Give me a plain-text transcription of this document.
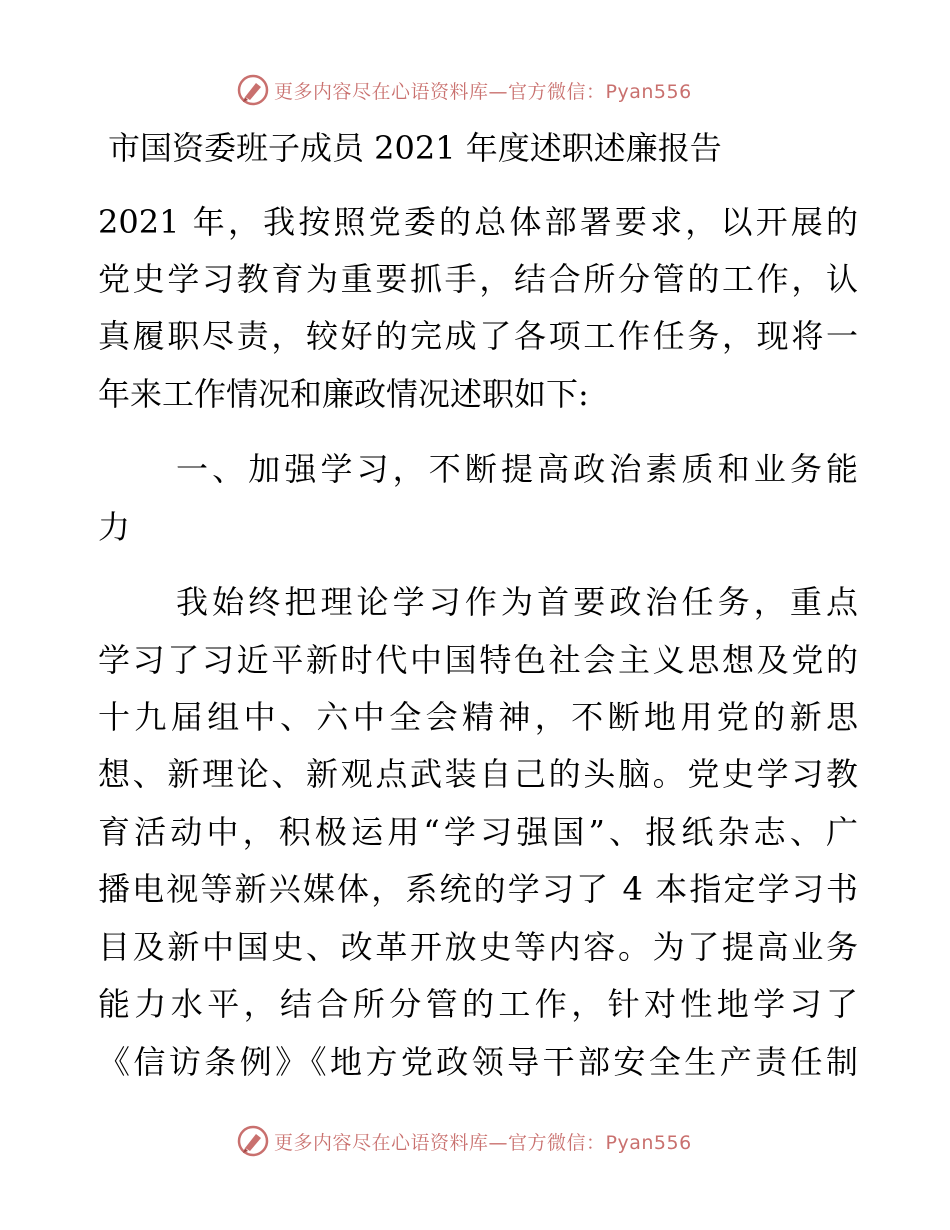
更多内容尽在心语资料库—官方微信：Pyan556
市国资委班子成员 2021 年度述职述廉报告

2021 年，我按照党委的总体部署要求，以开展的

党史学习教育为重要抓手，结合所分管的工作，认

真履职尽责，较好的完成了各项工作任务，现将一

年来工作情况和廉政情况述职如下:

一、加强学习，不断提高政治素质和业务能

力

我始终把理论学习作为首要政治任务，重点

学习了习近平新时代中国特色社会主义思想及党的

十九届组中、六中全会精神，不断地用党的新思

想、新理论、新观点武装自己的头脑。党史学习教

育活动中，积极运用“学习强国”、报纸杂志、广

播电视等新兴媒体，系统的学习了 4 本指定学习书

目及新中国史、改革开放史等内容。为了提高业务

能力水平，结合所分管的工作，针对性地学习了

《信访条例》《地方党政领导干部安全生产责任制

更多内容尽在心语资料库—官方微信：Pyan556
